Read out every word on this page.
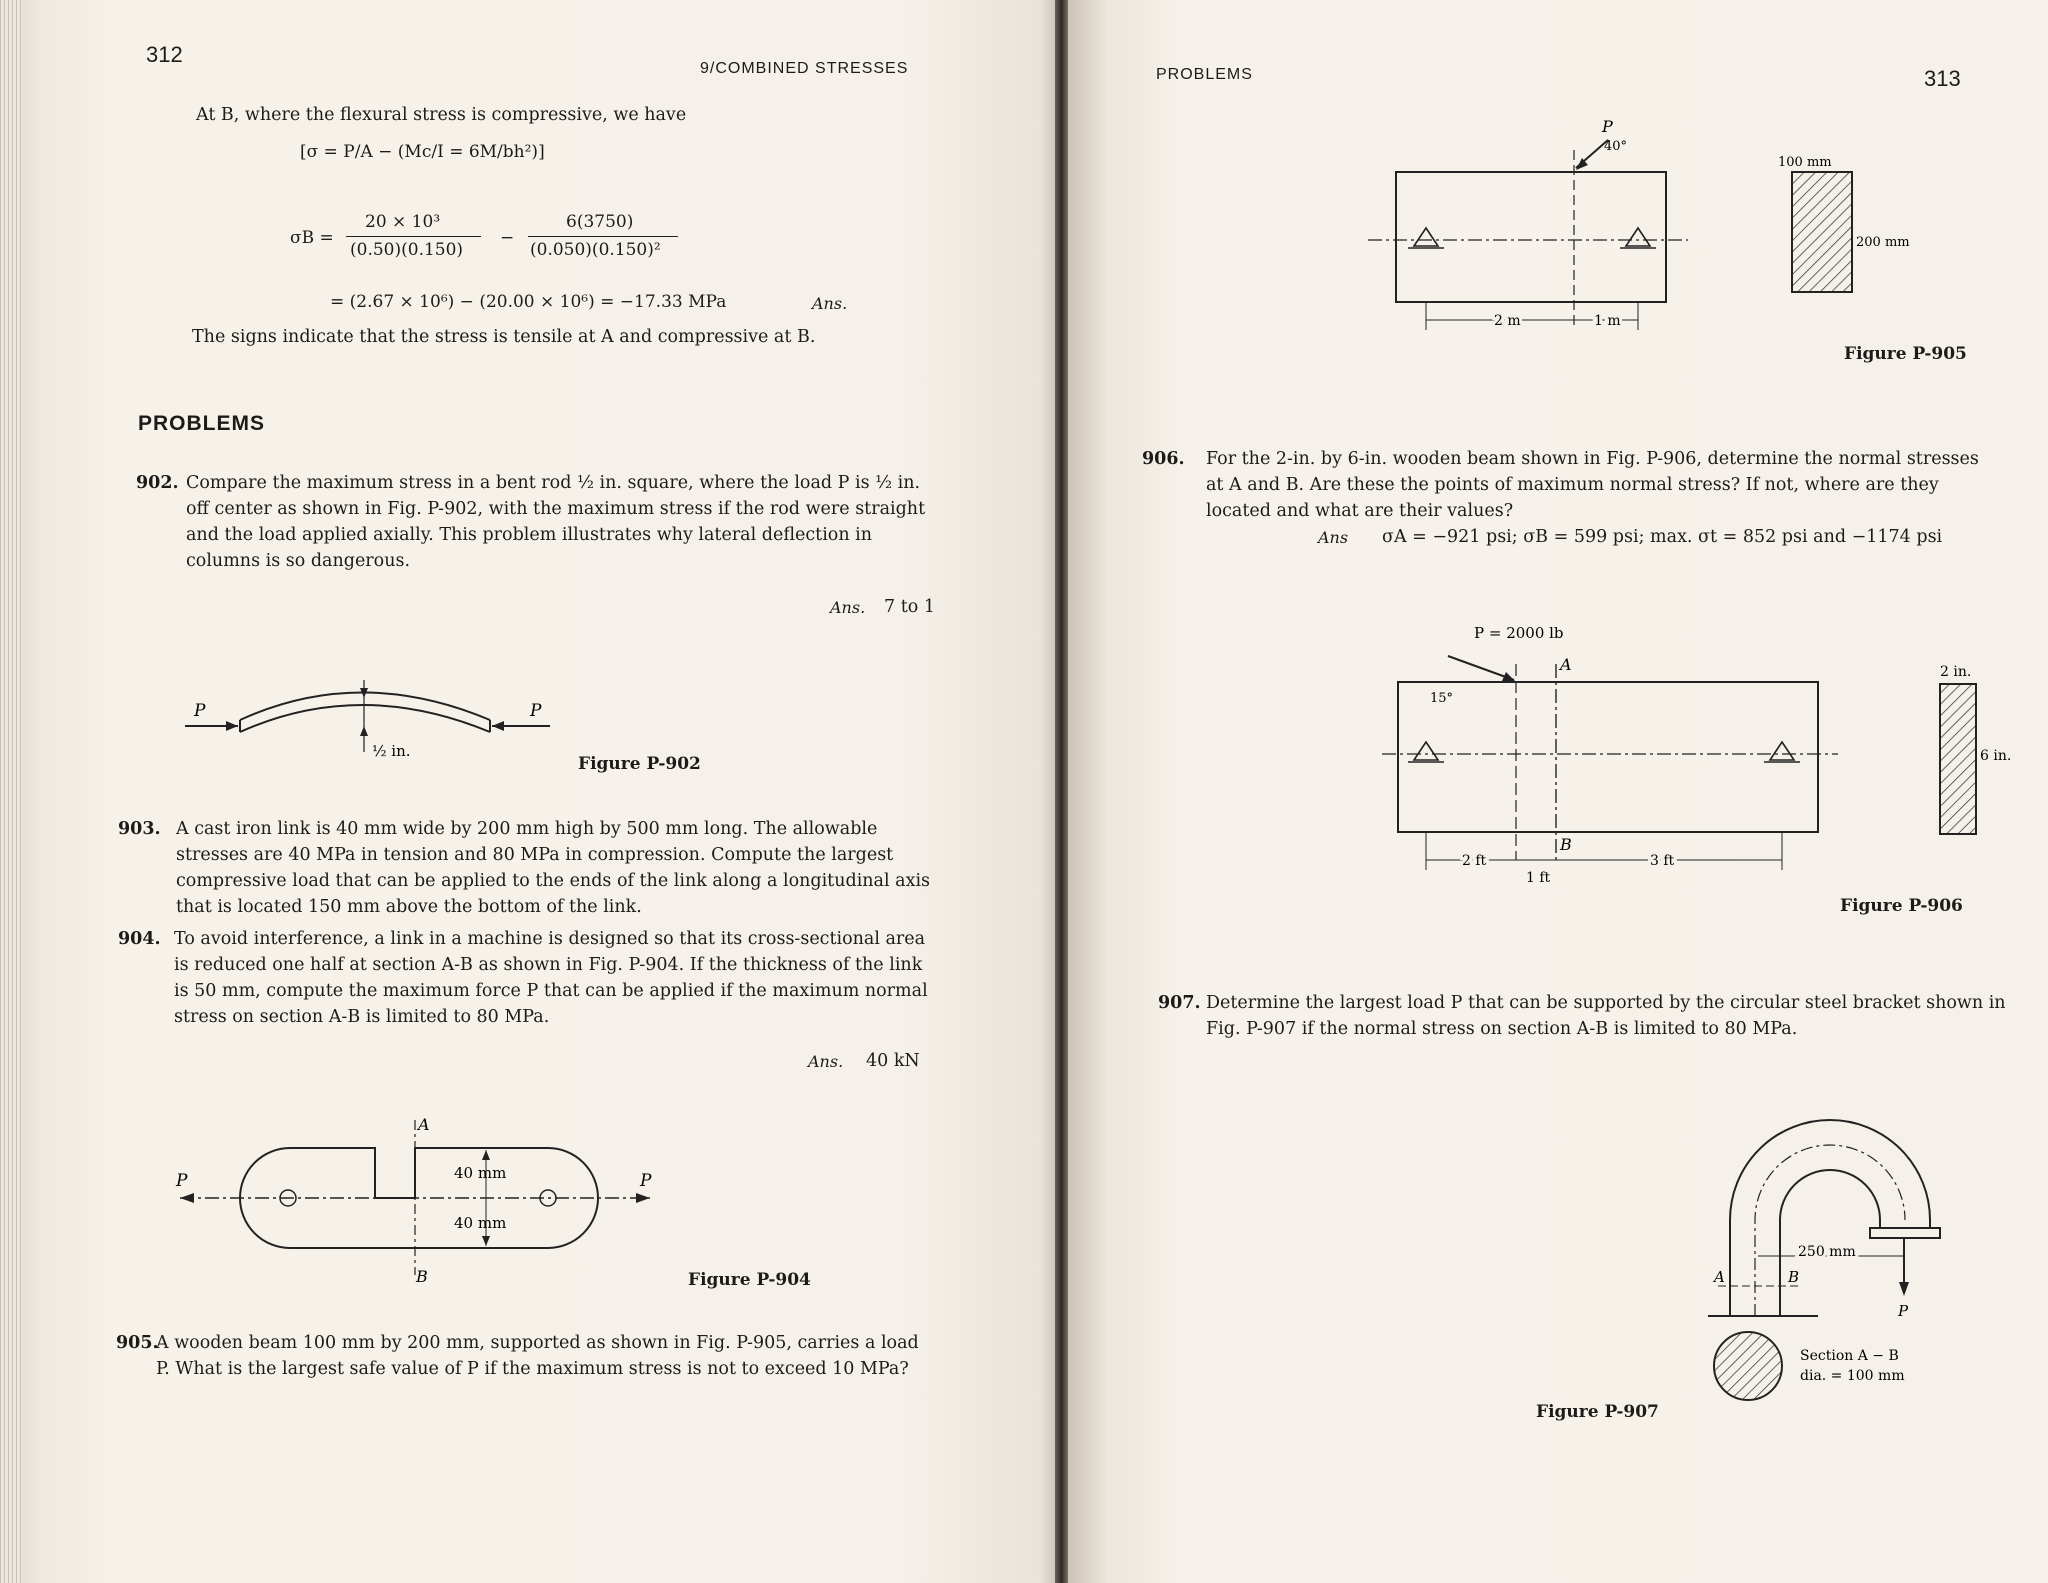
312
9/COMBINED STRESSES
At B, where the flexural stress is compressive, we have
[σ = P/A − (Mc/I = 6M/bh²)]
σB =
20 × 10³
(0.50)(0.150)
−
6(3750)
(0.050)(0.150)²
= (2.67 × 10⁶) − (20.00 × 10⁶) = −17.33 MPa	Ans.
The signs indicate that the stress is tensile at A and compressive at B.
PROBLEMS
902. Compare the maximum stress in a bent rod ½ in. square, where the load P is ½ in. off center as shown in Fig. P-902, with the maximum stress if the rod were straight and the load applied axially. This problem illustrates why lateral deflection in columns is so dangerous.
Ans. 7 to 1
P	P
½ in.
Figure P-902
903. A cast iron link is 40 mm wide by 200 mm high by 500 mm long. The allowable stresses are 40 MPa in tension and 80 MPa in compression. Compute the largest compressive load that can be applied to the ends of the link along a longitudinal axis that is located 150 mm above the bottom of the link.
904. To avoid interference, a link in a machine is designed so that its cross-sectional area is reduced one half at section A-B as shown in Fig. P-904. If the thickness of the link is 50 mm, compute the maximum force P that can be applied if the maximum normal stress on section A-B is limited to 80 MPa.
Ans. 40 kN
A
B
P	P
40 mm
40 mm
Figure P-904
905.
A wooden beam 100 mm by 200 mm, supported as shown in Fig. P-905, carries a load P. What is the largest safe value of P if the maximum stress is not to exceed 10 MPa?
PROBLEMS	313
P
40°
2 m	1 m
100 mm
200 mm
Figure P-905
906. For the 2-in. by 6-in. wooden beam shown in Fig. P-906, determine the normal stresses at A and B. Are these the points of maximum normal stress? If not, where are they located and what are their values?
Ans σA = −921 psi; σB = 599 psi; max. σt = 852 psi and −1174 psi
P = 2000 lb
15°
A
B
2 ft
1 ft
3 ft
2 in.
6 in.
Figure P-906
907. Determine the largest load P that can be supported by the circular steel bracket shown in Fig. P-907 if the normal stress on section A-B is limited to 80 MPa.
250 mm
A	B
P
Section A − B
dia. = 100 mm
Figure P-907
